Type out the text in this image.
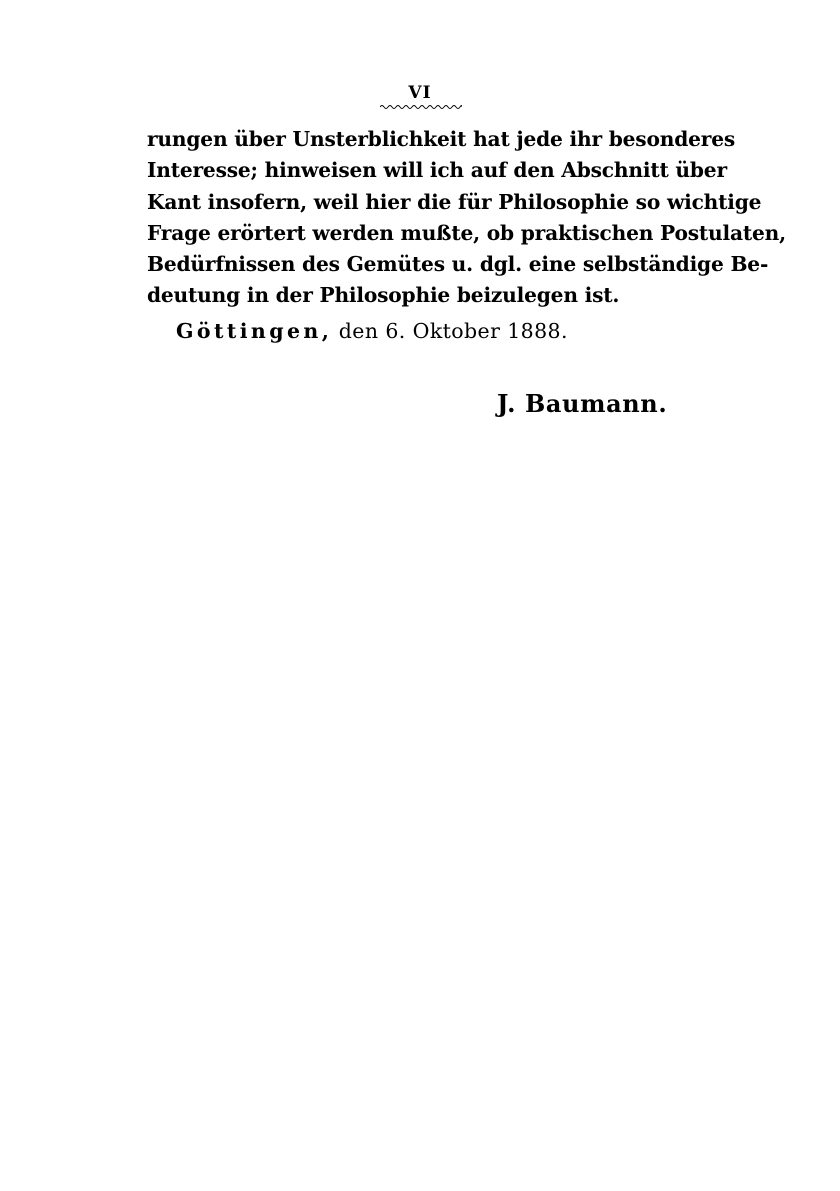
VI
rungen über Unsterblichkeit hat jede ihr besonderes
Interesse; hinweisen will ich auf den Abschnitt über
Kant insofern, weil hier die für Philosophie so wichtige
Frage erörtert werden mußte, ob praktischen Postulaten,
Bedürfnissen des Gemütes u. dgl. eine selbständige Be-
deutung in der Philosophie beizulegen ist.
Göttingen, den 6. Oktober 1888.
J. Baumann.
